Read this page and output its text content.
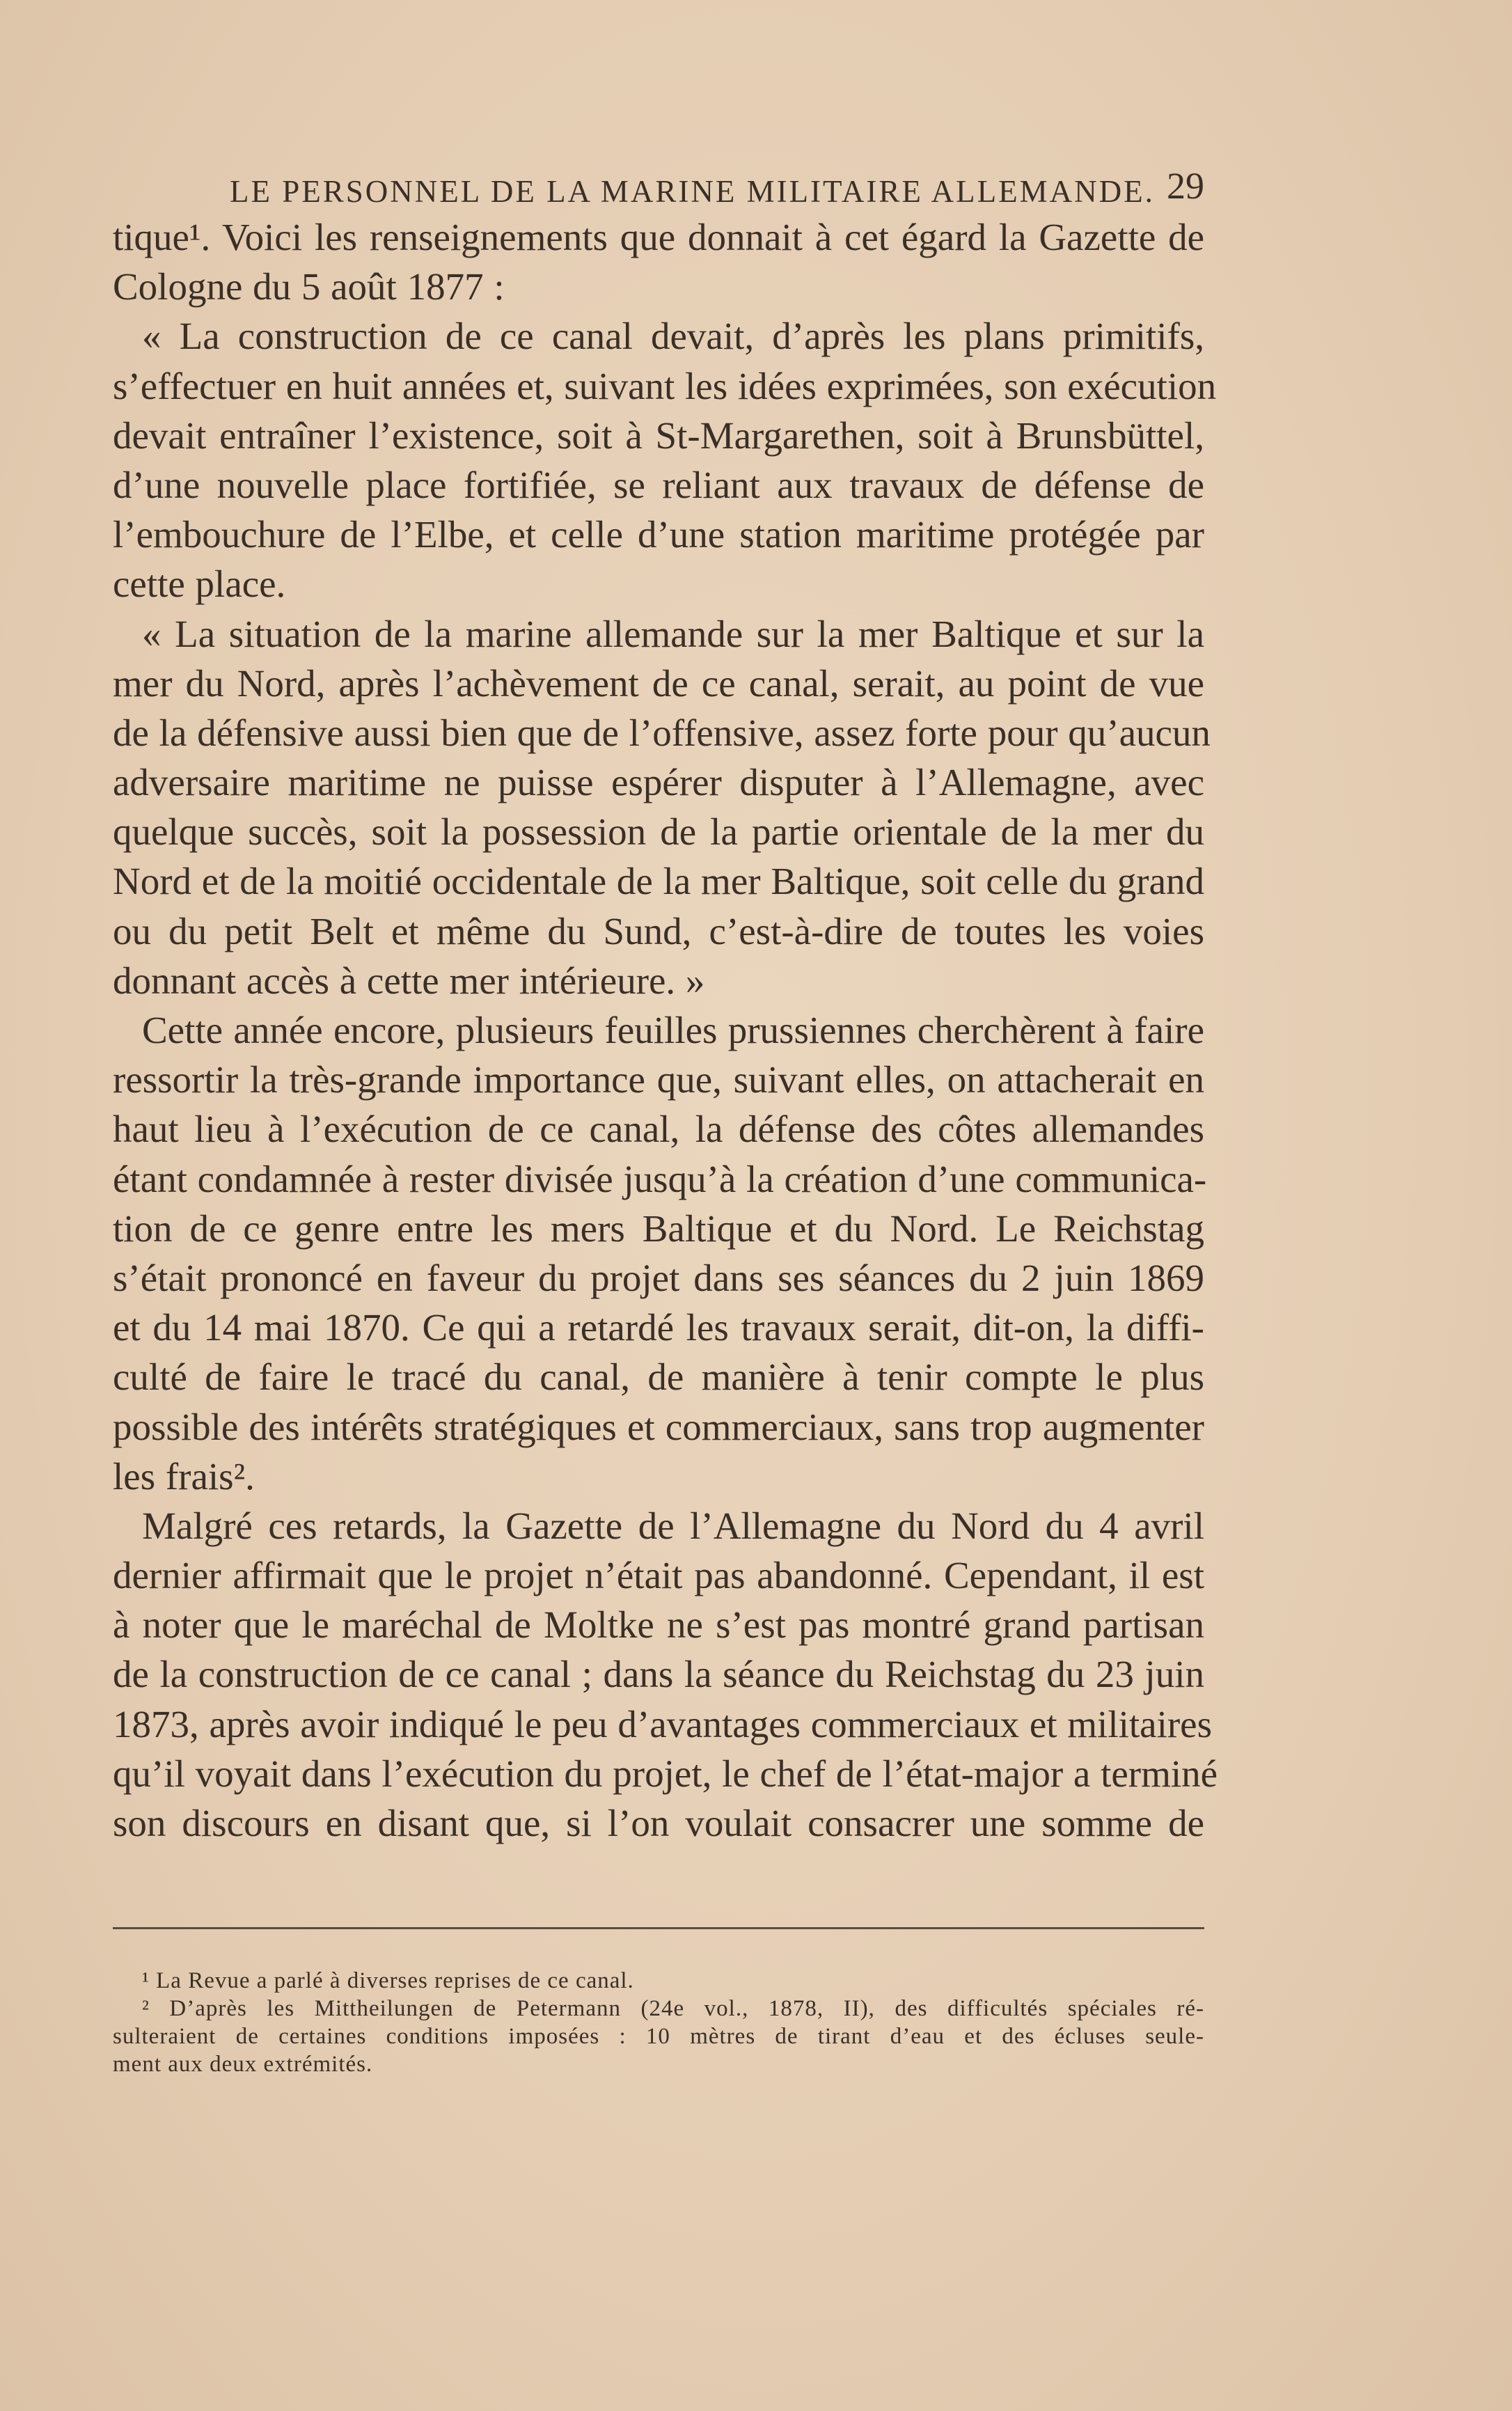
LE PERSONNEL DE LA MARINE MILITAIRE ALLEMANDE. 29
tique¹. Voici les renseignements que donnait à cet égard la Gazette de
Cologne du 5 août 1877 :
« La construction de ce canal devait, d’après les plans primitifs,
s’effectuer en huit années et, suivant les idées exprimées, son exécution
devait entraîner l’existence, soit à St-Margarethen, soit à Brunsbüttel,
d’une nouvelle place fortifiée, se reliant aux travaux de défense de
l’embouchure de l’Elbe, et celle d’une station maritime protégée par
cette place.
« La situation de la marine allemande sur la mer Baltique et sur la
mer du Nord, après l’achèvement de ce canal, serait, au point de vue
de la défensive aussi bien que de l’offensive, assez forte pour qu’aucun
adversaire maritime ne puisse espérer disputer à l’Allemagne, avec
quelque succès, soit la possession de la partie orientale de la mer du
Nord et de la moitié occidentale de la mer Baltique, soit celle du grand
ou du petit Belt et même du Sund, c’est-à-dire de toutes les voies
donnant accès à cette mer intérieure. »
Cette année encore, plusieurs feuilles prussiennes cherchèrent à faire
ressortir la très-grande importance que, suivant elles, on attacherait en
haut lieu à l’exécution de ce canal, la défense des côtes allemandes
étant condamnée à rester divisée jusqu’à la création d’une communica-
tion de ce genre entre les mers Baltique et du Nord. Le Reichstag
s’était prononcé en faveur du projet dans ses séances du 2 juin 1869
et du 14 mai 1870. Ce qui a retardé les travaux serait, dit-on, la diffi-
culté de faire le tracé du canal, de manière à tenir compte le plus
possible des intérêts stratégiques et commerciaux, sans trop augmenter
les frais².
Malgré ces retards, la Gazette de l’Allemagne du Nord du 4 avril
dernier affirmait que le projet n’était pas abandonné. Cependant, il est
à noter que le maréchal de Moltke ne s’est pas montré grand partisan
de la construction de ce canal ; dans la séance du Reichstag du 23 juin
1873, après avoir indiqué le peu d’avantages commerciaux et militaires
qu’il voyait dans l’exécution du projet, le chef de l’état-major a terminé
son discours en disant que, si l’on voulait consacrer une somme de
¹ La Revue a parlé à diverses reprises de ce canal.
² D’après les Mittheilungen de Petermann (24e vol., 1878, II), des difficultés spéciales ré-
sulteraient de certaines conditions imposées : 10 mètres de tirant d’eau et des écluses seule-
ment aux deux extrémités.
